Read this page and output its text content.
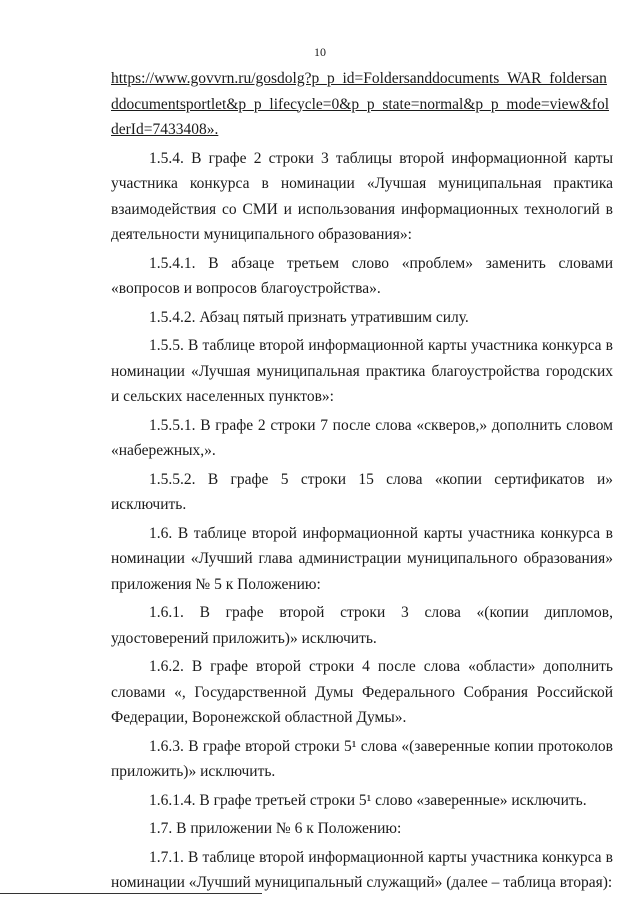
10

https://www.govvrn.ru/gosdolg?p_p_id=Foldersanddocuments_WAR_foldersanddocumentsportlet&p_p_lifecycle=0&p_p_state=normal&p_p_mode=view&folderId=7433408».

1.5.4. В графе 2 строки 3 таблицы второй информационной карты участника конкурса в номинации «Лучшая муниципальная практика взаимодействия со СМИ и использования информационных технологий в деятельности муниципального образования»:

1.5.4.1. В абзаце третьем слово «проблем» заменить словами «вопросов и вопросов благоустройства».

1.5.4.2. Абзац пятый признать утратившим силу.

1.5.5. В таблице второй информационной карты участника конкурса в номинации «Лучшая муниципальная практика благоустройства городских и сельских населенных пунктов»:

1.5.5.1. В графе 2 строки 7 после слова «скверов,» дополнить словом «набережных,».

1.5.5.2. В графе 5 строки 15 слова «копии сертификатов и» исключить.

1.6. В таблице второй информационной карты участника конкурса в номинации «Лучший глава администрации муниципального образования» приложения № 5 к Положению:

1.6.1. В графе второй строки 3 слова «(копии дипломов, удостоверений приложить)» исключить.

1.6.2. В графе второй строки 4 после слова «области» дополнить словами «, Государственной Думы Федерального Собрания Российской Федерации, Воронежской областной Думы».

1.6.3. В графе второй строки 5¹ слова «(заверенные копии протоколов приложить)» исключить.

1.6.1.4. В графе третьей строки 5¹ слово «заверенные» исключить.

1.7. В приложении № 6 к Положению:

1.7.1. В таблице второй информационной карты участника конкурса в номинации «Лучший муниципальный служащий» (далее – таблица вторая):
